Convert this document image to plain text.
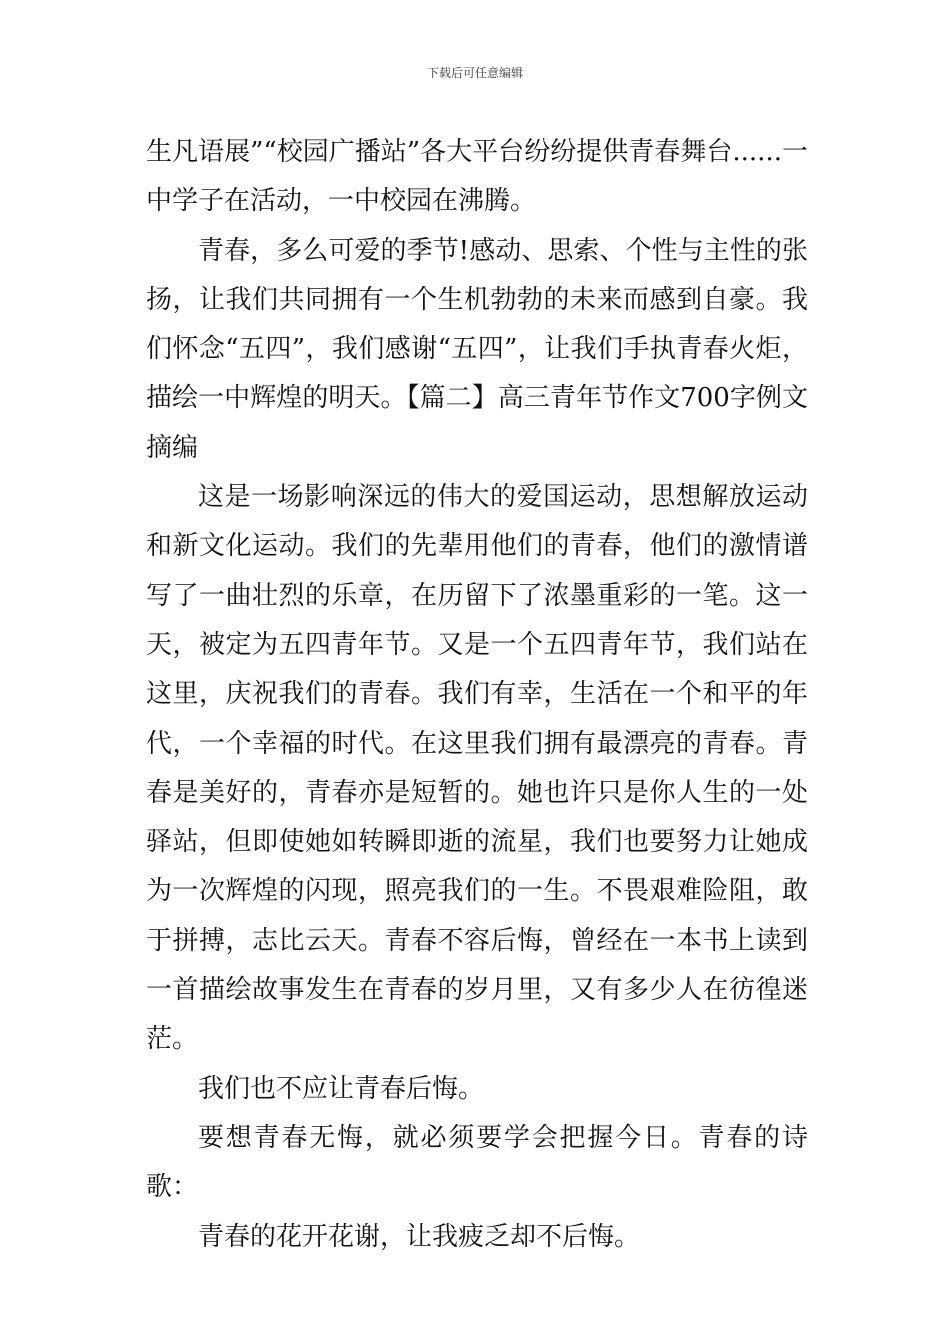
下载后可任意编辑

生凡语展”“校园广播站”各大平台纷纷提供青春舞台......一中学子在活动，一中校园在沸腾。

青春，多么可爱的季节!感动、思索、个性与主性的张扬，让我们共同拥有一个生机勃勃的未来而感到自豪。我们怀念“五四”，我们感谢“五四”，让我们手执青春火炬，描绘一中辉煌的明天。【篇二】高三青年节作文700字例文摘编

这是一场影响深远的伟大的爱国运动，思想解放运动和新文化运动。我们的先辈用他们的青春，他们的激情谱写了一曲壮烈的乐章，在历留下了浓墨重彩的一笔。这一天，被定为五四青年节。又是一个五四青年节，我们站在这里，庆祝我们的青春。我们有幸，生活在一个和平的年代，一个幸福的时代。在这里我们拥有最漂亮的青春。青春是美好的，青春亦是短暂的。她也许只是你人生的一处驿站，但即使她如转瞬即逝的流星，我们也要努力让她成为一次辉煌的闪现，照亮我们的一生。不畏艰难险阻，敢于拼搏，志比云天。青春不容后悔，曾经在一本书上读到一首描绘故事发生在青春的岁月里，又有多少人在彷徨迷茫。

我们也不应让青春后悔。

要想青春无悔，就必须要学会把握今日。青春的诗歌：

青春的花开花谢，让我疲乏却不后悔。
